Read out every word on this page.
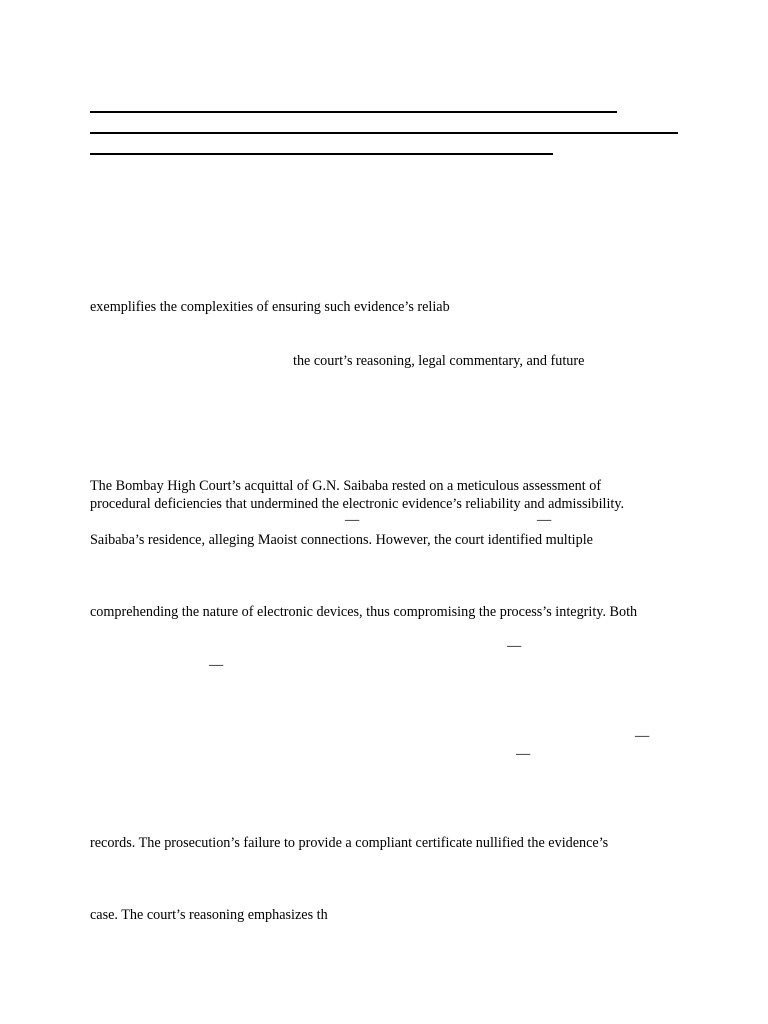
exemplifies the complexities of ensuring such evidence’s reliab
the court’s reasoning, legal commentary, and future
The Bombay High Court’s acquittal of G.N. Saibaba rested on a meticulous assessment of
procedural deficiencies that undermined the electronic evidence’s reliability and admissibility.
—	—
Saibaba’s residence, alleging Maoist connections. However, the court identified multiple
comprehending the nature of electronic devices, thus compromising the process’s integrity. Both
—
—
—
—
records. The prosecution’s failure to provide a compliant certificate nullified the evidence’s
case. The court’s reasoning emphasizes th
